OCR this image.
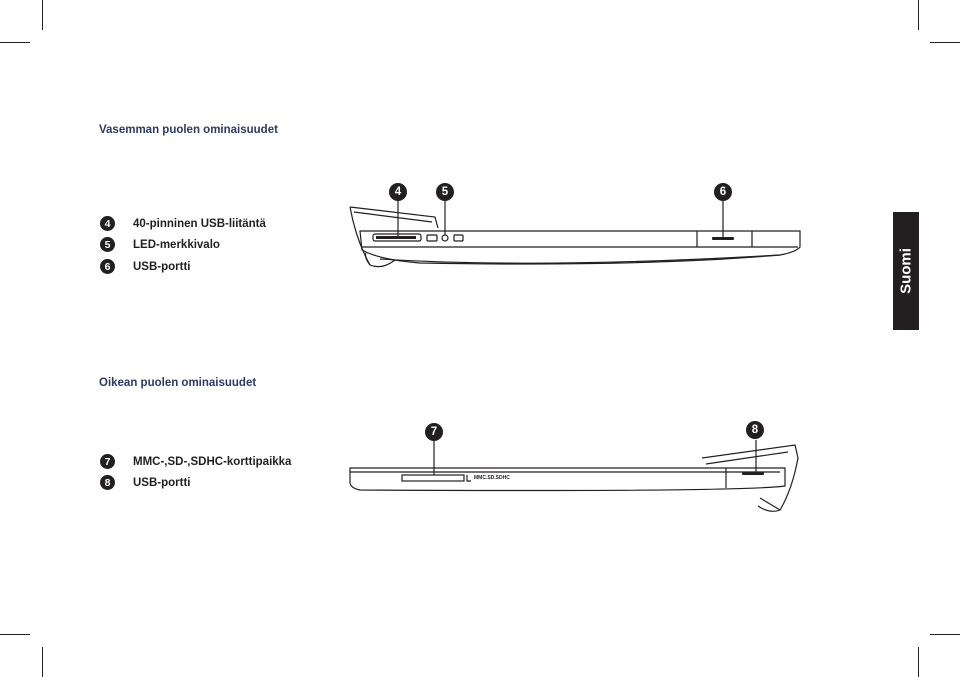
Vasemman puolen ominaisuudet
4	40-pinninen USB-liitäntä
5	LED-merkkivalo
6	USB-portti
4	5	6
Suomi
Oikean puolen ominaisuudet
7	MMC-,SD-,SDHC-korttipaikka
8	USB-portti	MMC.SD.SDHC
7	8
